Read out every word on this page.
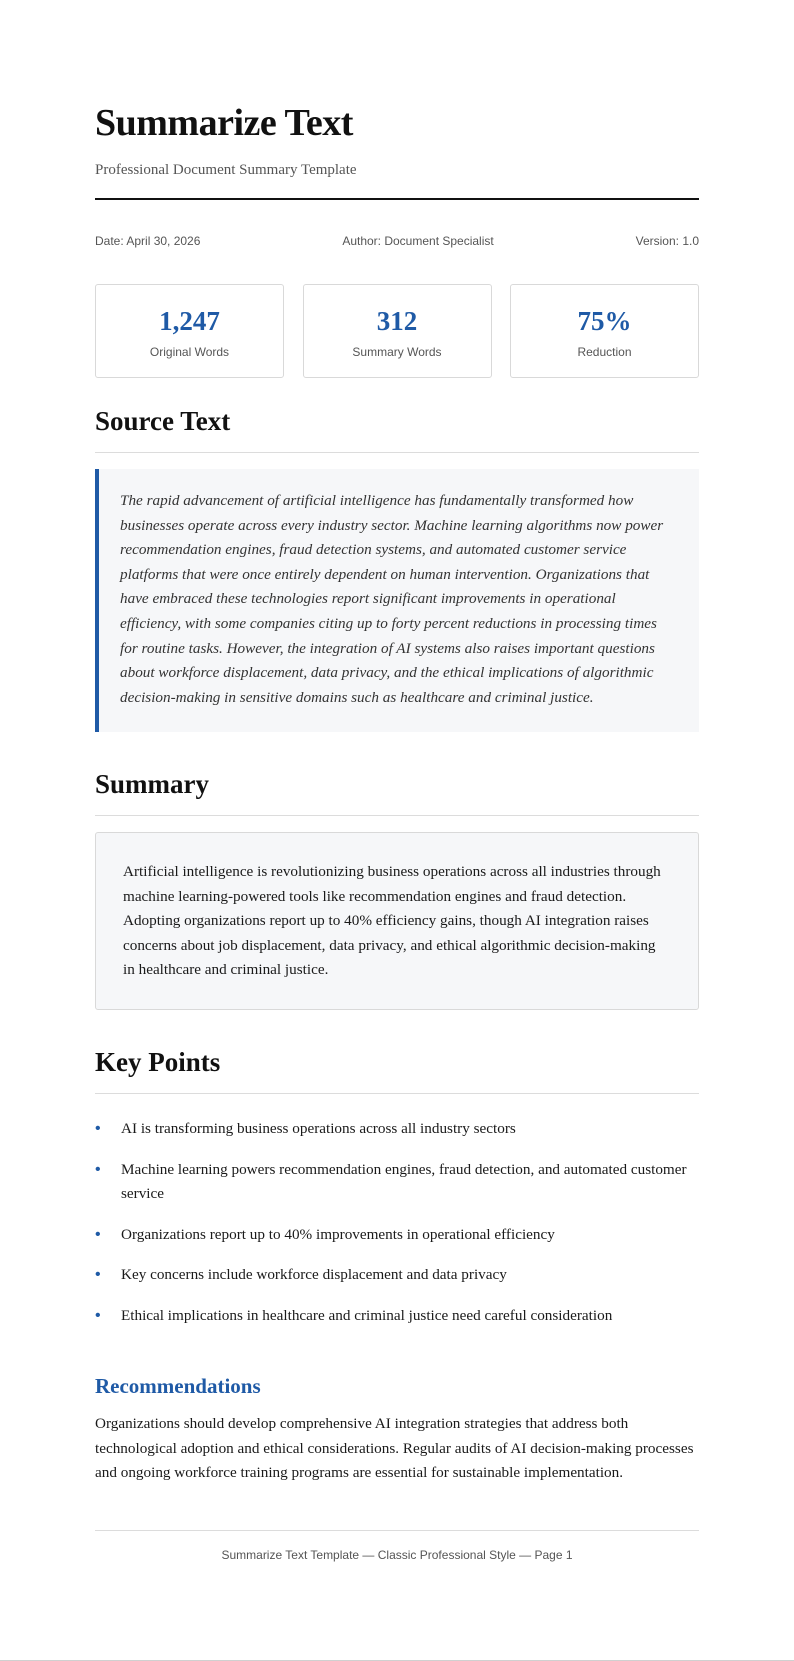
Summarize Text
Professional Document Summary Template
Date: April 30, 2026	Author: Document Specialist	Version: 1.0
1,247
Original Words
312
Summary Words
75%
Reduction
Source Text
The rapid advancement of artificial intelligence has fundamentally transformed how businesses operate across every industry sector. Machine learning algorithms now power recommendation engines, fraud detection systems, and automated customer service platforms that were once entirely dependent on human intervention. Organizations that have embraced these technologies report significant improvements in operational efficiency, with some companies citing up to forty percent reductions in processing times for routine tasks. However, the integration of AI systems also raises important questions about workforce displacement, data privacy, and the ethical implications of algorithmic decision-making in sensitive domains such as healthcare and criminal justice.
Summary
Artificial intelligence is revolutionizing business operations across all industries through machine learning-powered tools like recommendation engines and fraud detection. Adopting organizations report up to 40% efficiency gains, though AI integration raises concerns about job displacement, data privacy, and ethical algorithmic decision-making in healthcare and criminal justice.
Key Points
• AI is transforming business operations across all industry sectors
• Machine learning powers recommendation engines, fraud detection, and automated customer service
• Organizations report up to 40% improvements in operational efficiency
• Key concerns include workforce displacement and data privacy
• Ethical implications in healthcare and criminal justice need careful consideration
Recommendations
Organizations should develop comprehensive AI integration strategies that address both technological adoption and ethical considerations. Regular audits of AI decision-making processes and ongoing workforce training programs are essential for sustainable implementation.
Summarize Text Template — Classic Professional Style — Page 1
